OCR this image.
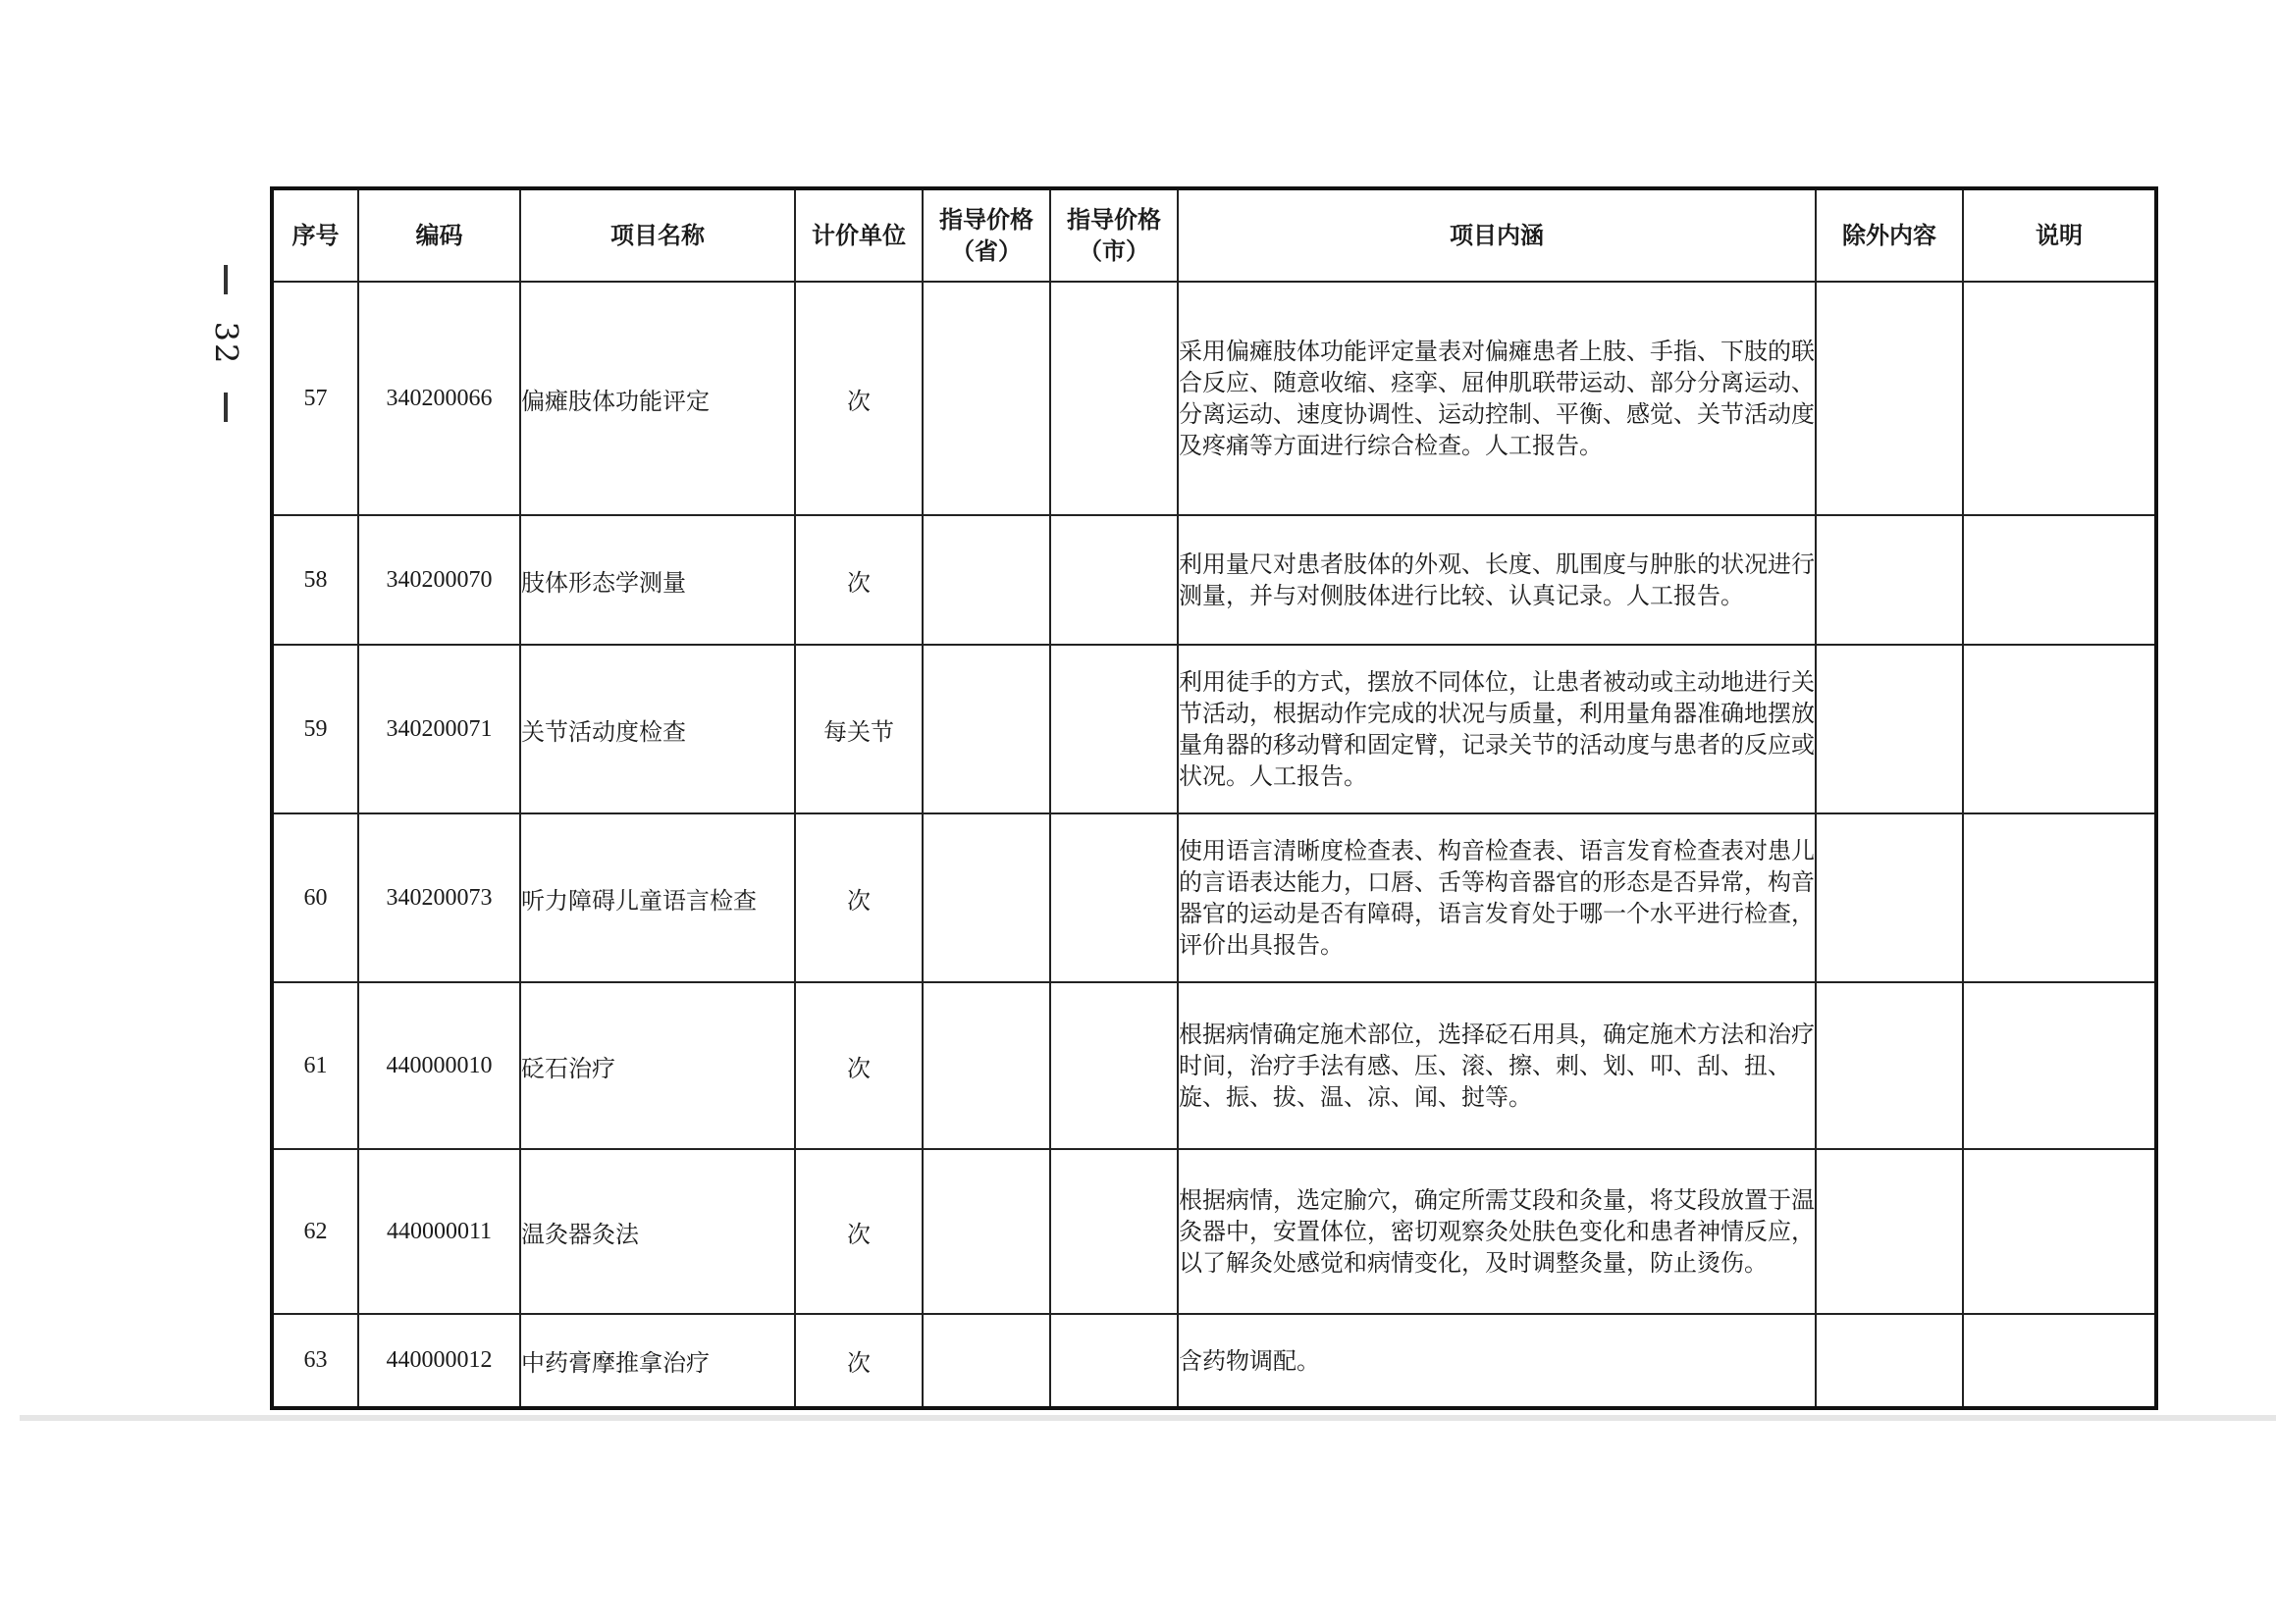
32
序号	编码	项目名称	计价单位	指导价格（省）	指导价格（市）	项目内涵	除外内容	说明
57	340200066	偏瘫肢体功能评定	次			采用偏瘫肢体功能评定量表对偏瘫患者上肢、手指、下肢的联合反应、随意收缩、痉挛、屈伸肌联带运动、部分分离运动、分离运动、速度协调性、运动控制、平衡、感觉、关节活动度及疼痛等方面进行综合检查。人工报告。		
58	340200070	肢体形态学测量	次			利用量尺对患者肢体的外观、长度、肌围度与肿胀的状况进行测量，并与对侧肢体进行比较、认真记录。人工报告。		
59	340200071	关节活动度检查	每关节			利用徒手的方式，摆放不同体位，让患者被动或主动地进行关节活动，根据动作完成的状况与质量，利用量角器准确地摆放量角器的移动臂和固定臂，记录关节的活动度与患者的反应或状况。人工报告。		
60	340200073	听力障碍儿童语言检查	次			使用语言清晰度检查表、构音检查表、语言发育检查表对患儿的言语表达能力，口唇、舌等构音器官的形态是否异常，构音器官的运动是否有障碍，语言发育处于哪一个水平进行检查，评价出具报告。		
61	440000010	砭石治疗	次			根据病情确定施术部位，选择砭石用具，确定施术方法和治疗时间，治疗手法有感、压、滚、擦、刺、划、叩、刮、扭、旋、振、拔、温、凉、闻、挝等。		
62	440000011	温灸器灸法	次			根据病情，选定腧穴，确定所需艾段和灸量，将艾段放置于温灸器中，安置体位，密切观察灸处肤色变化和患者神情反应，以了解灸处感觉和病情变化，及时调整灸量，防止烫伤。		
63	440000012	中药膏摩推拿治疗	次			含药物调配。		
